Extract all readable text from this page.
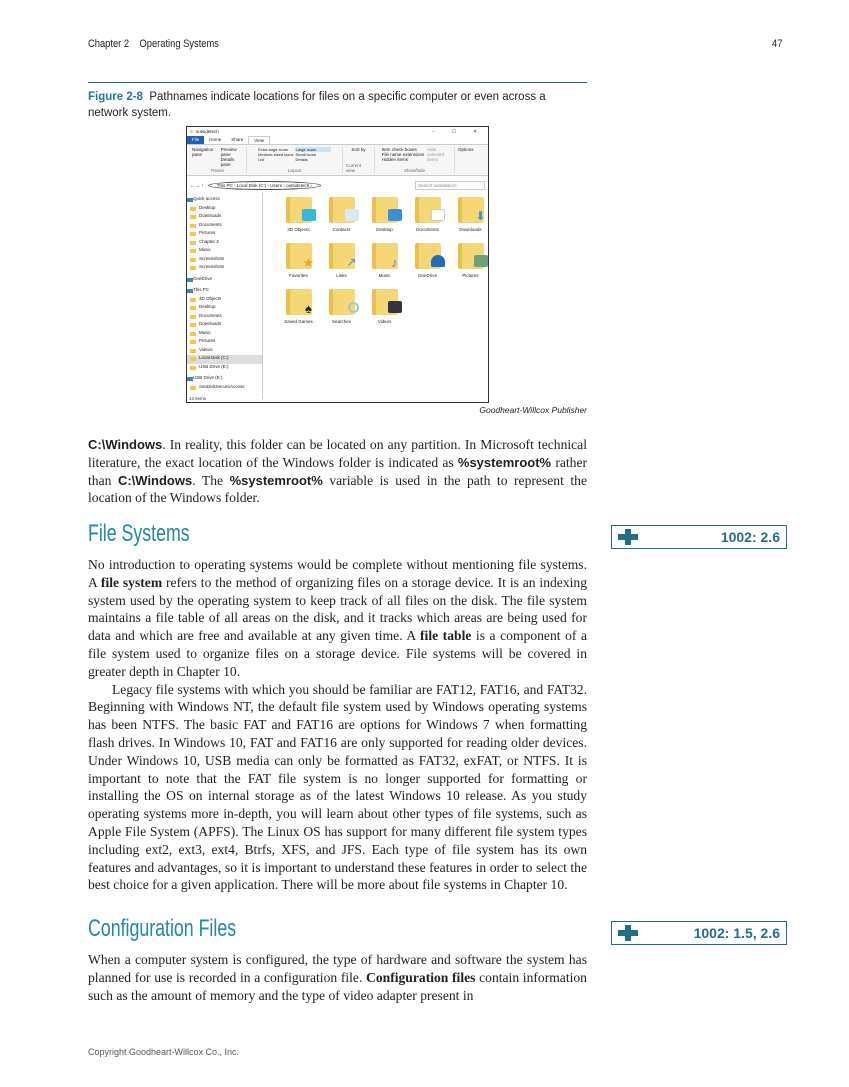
Chapter 2 Operating Systems	47
Figure 2-8 Pathnames indicate locations for files on a specific computer or even across a network system.
■ outsidetech	‒ ☐ ✕
File	Home	Share	View
Navigation pane
Preview pane
Details pane
Panes
Extra large icons	Large icons
Medium-sized icons Small icons
List	Details
Layout
Sort by
Current view
Item check boxes
File name extensions
Hidden items
Hide selected items
Show/hide
Options
← → ↑	This PC › Local Disk (C:) › Users › outsidetech ›	Search outsidetech
Quick access
Desktop
Downloads
Documents
Pictures
Chapter 2
Music
Screenshots
Screenshots
OneDrive
This PC
3D Objects
Desktop
Documents
Downloads
Music
Pictures
Videos
Local Disk (C:)
USB Drive (E:)
USB Drive (E:)
SanDiskSecureAccess
3D Objects	Contacts	Desktop	Documents
⬇
Downloads
★
Favorites
↗
Links
♪
Music	OneDrive	Pictures
♠
Saved Games	Searches	Videos
13 items
Goodheart-Willcox Publisher
C:\Windows. In reality, this folder can be located on any partition. In Microsoft technical literature, the exact location of the Windows folder is indicated as %systemroot% rather than C:\Windows. The %systemroot% variable is used in the path to represent the location of the Windows folder.
File Systems	1002: 2.6
No introduction to operating systems would be complete without mentioning file systems. A file system refers to the method of organizing files on a storage device. It is an indexing system used by the operating system to keep track of all files on the disk. The file system maintains a file table of all areas on the disk, and it tracks which areas are being used for data and which are free and available at any given time. A file table is a component of a file system used to organize files on a storage device. File systems will be covered in greater depth in Chapter 10.
Legacy file systems with which you should be familiar are FAT12, FAT16, and FAT32. Beginning with Windows NT, the default file system used by Windows operating systems has been NTFS. The basic FAT and FAT16 are options for Windows 7 when formatting flash drives. In Windows 10, FAT and FAT16 are only supported for reading older devices. Under Windows 10, USB media can only be formatted as FAT32, exFAT, or NTFS. It is important to note that the FAT file system is no longer supported for formatting or installing the OS on internal storage as of the latest Windows 10 release. As you study operating systems more in-depth, you will learn about other types of file systems, such as Apple File System (APFS). The Linux OS has support for many different file system types including ext2, ext3, ext4, Btrfs, XFS, and JFS. Each type of file system has its own features and advantages, so it is important to understand these features in order to select the best choice for a given application. There will be more about file systems in Chapter 10.
Configuration Files	1002: 1.5, 2.6
When a computer system is configured, the type of hardware and software the system has planned for use is recorded in a configuration file. Configuration files contain information such as the amount of memory and the type of video adapter present in
Copyright Goodheart-Willcox Co., Inc.
